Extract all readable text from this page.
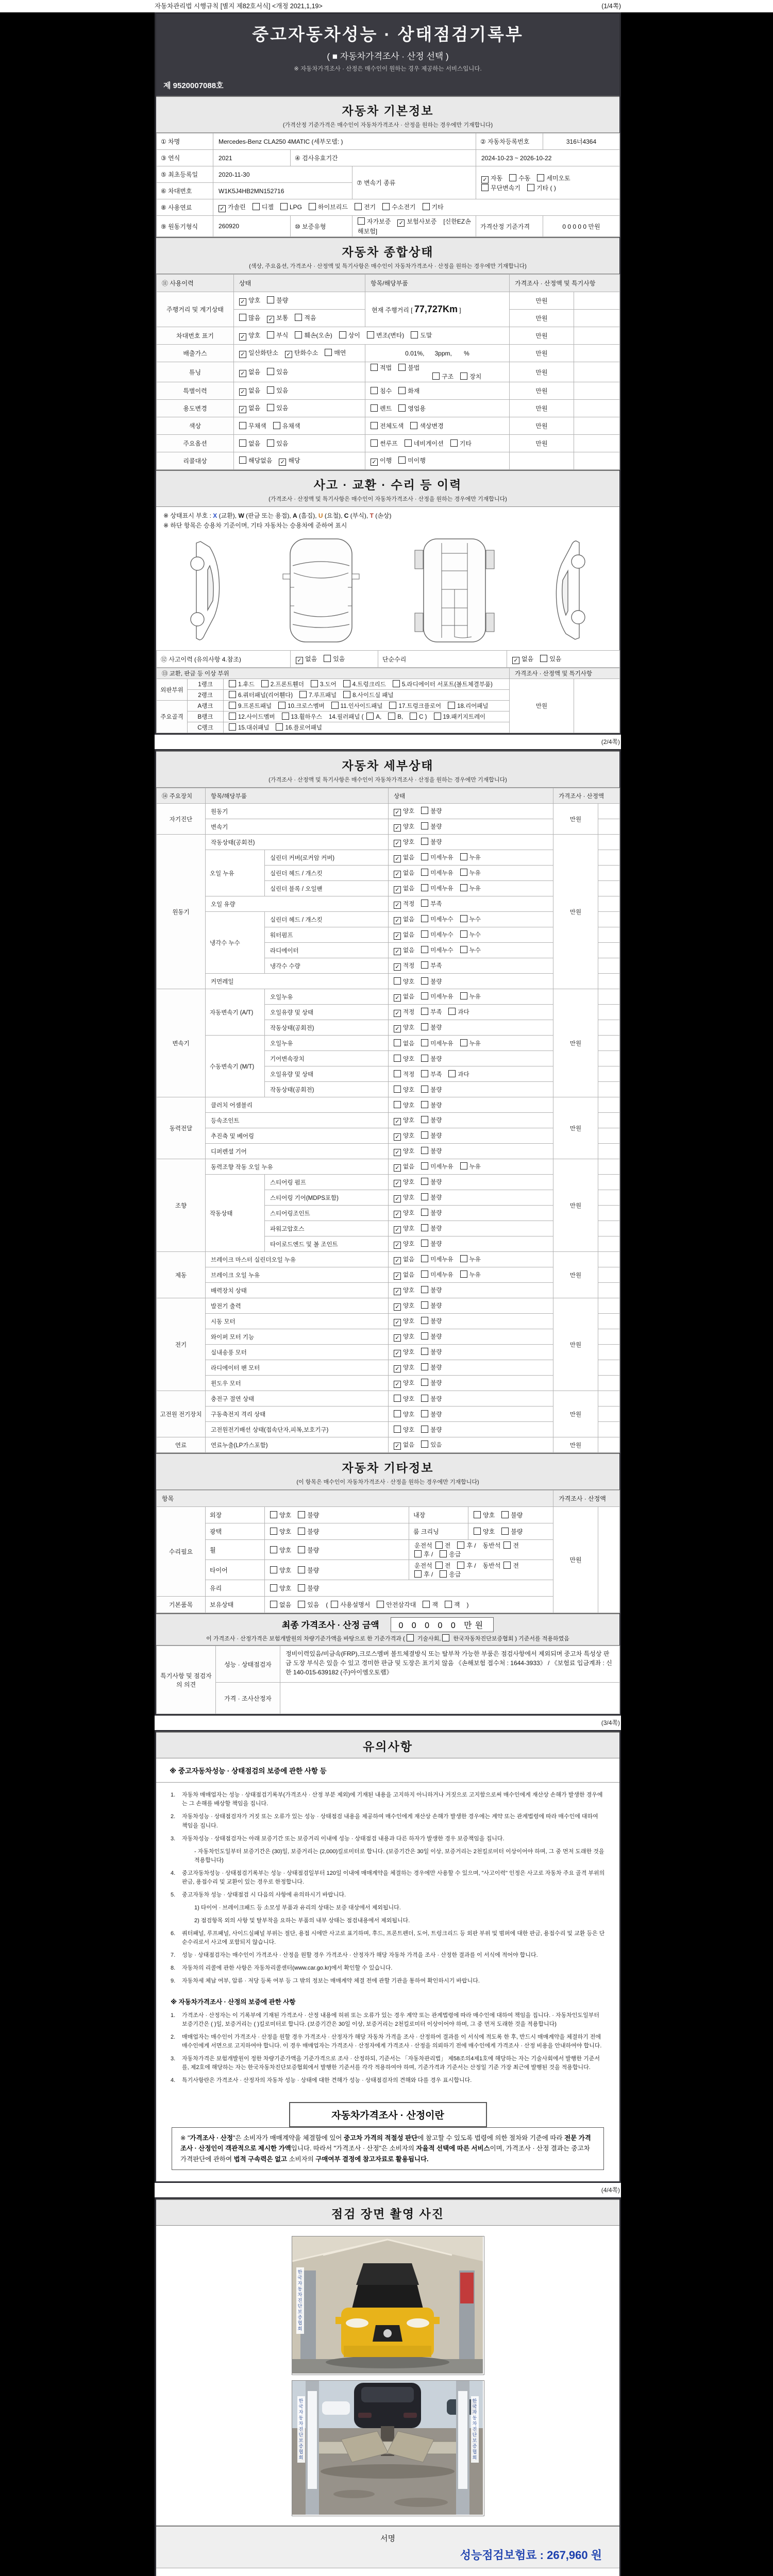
자동차관리법 시행규칙 [별지 제82호서식] <개정 2021,1,19>	(1/4쪽)
중고자동차성능 · 상태점검기록부
( ■ 자동차가격조사 · 산정 선택 )
※ 자동차가격조사 · 산정은 매수인이 원하는 경우 제공하는 서비스입니다.
제 9520007088호
자동차 기본정보
(가격산정 기준가격은 매수인이 자동차가격조사 · 산정을 원하는 경우에만 기재합니다)
① 차명	Mercedes-Benz CLA250 4MATIC (세부모델: )			② 자동차등록번호	316너4364
③ 연식	2021	④ 검사유효기간		2024-10-23 ~ 2026-10-22	
⑤ 최초등록일	2020-11-30		⑦ 변속기 종류	✓ 자동 수동 세미오토무단변속기 기타 ( )	
⑥ 차대번호	W1K5J4HB2MN152716				
⑧ 사용연료	✓ 가솔린 디젤 LPG 하이브리드 전기 수소전기 기타				
⑨ 원동기형식	260920	⑩ 보증유형	자가보증 ✓ 보험사보증 [신한EZ손해보험]	가격산정 기준가격	0 0 0 0 0 만원
자동차 종합상태
(색상, 주요옵션, 가격조사 · 산정액 및 특기사항은 매수인이 자동차가격조사 · 산정을 원하는 경우에만 기재합니다)
⑪ 사용이력	상태	항목/해당부품	가격조사 · 산정액 및 특기사항	
주행거리 및 계기상태	✓ 양호 불량	현재 주행거리 [ 77,727Km ]	만원	
	많음 ✓ 보통 적음		만원	
차대번호 표기	✓ 양호 부식 훼손(오손) 상이 변조(변타) 도말		만원	
배출가스	✓ 일산화탄소 ✓ 탄화수소 매연	0.01%,      3ppm,       %	만원	
튜닝	✓ 없음 있음	적법 불법구조 장치	만원	
특별이력	✓ 없음 있음	침수 화재	만원	
용도변경	✓ 없음 있음	렌트 영업용	만원	
색상	무채색 유채색	전체도색 색상변경	만원	
주요옵션	없음 있음	썬루프 네비게이션 기타	만원	
리콜대상	해당없음 ✓ 해당	✓ 이행 미이행		
사고 · 교환 · 수리 등 이력
(가격조사 · 산정액 및 특기사항은 매수인이 자동차가격조사 · 산정을 원하는 경우에만 기재합니다)
※ 상태표시 부호 : X (교환), W (판금 또는 용접), A (흠집), U (요철), C (부식), T (손상)
※ 하단 항목은 승용차 기준이며, 기타 자동차는 승용차에 준하여 표시
⑫ 사고이력 (유의사항 4.참조)	✓ 없음	있음	단순수리	✓ 없음	있음
⑬ 교환, 판금 등 이상 부위			가격조사 · 산정액 및 특기사항	
외판부위	1랭크	1.후드 2.프론트휀더 3.도어 4.트렁크리드 5.라디에이터 서포트(볼트체결부품)	만원	
	2랭크	6.쿼터패널(리어휀다) 7.루프패널 8.사이드실 패널		
주요골격	A랭크	9.프론트패널 10.크로스멤버 11.인사이드패널 17.트렁크플로어 18.리어패널		
	B랭크	12.사이드멤버 13.휠하우스 14.필러패널 ( A, B, C ) 19.패키지트레이		
	C랭크	15.대쉬패널 16.플로어패널		
(2/4쪽)
자동차 세부상태
(가격조사 · 산정액 및 특기사항은 매수인이 자동차가격조사 · 산정을 원하는 경우에만 기재합니다)
⑭ 주요장치	항목/해당부품		상태	가격조사 · 산정액	
자기진단	원동기		✓ 양호 불량	만원	
	변속기		✓ 양호 불량		
원동기	작동상태(공회전)		✓ 양호 불량	만원	
	오일 누유	실린더 커버(로커암 커버)	✓ 없음 미세누유 누유		
		실린더 헤드 / 개스킷	✓ 없음 미세누유 누유		
		실린더 블록 / 오일팬	✓ 없음 미세누유 누유		
	오일 유량		✓ 적정 부족		
	냉각수 누수	실린더 헤드 / 개스킷	✓ 없음 미세누수 누수		
		워터펌프	✓ 없음 미세누수 누수		
		라디에이터	✓ 없음 미세누수 누수		
		냉각수 수량	✓ 적정 부족		
	커먼레일		양호 불량		
변속기	자동변속기 (A/T)	오일누유	✓ 없음 미세누유 누유	만원	
		오일유량 및 상태	✓ 적정 부족 과다		
		작동상태(공회전)	✓ 양호 불량		
	수동변속기 (M/T)	오일누유	없음 미세누유 누유		
		기어변속장치	양호 불량		
		오일유량 및 상태	적정 부족 과다		
		작동상태(공회전)	양호 불량		
동력전달	클러치 어셈블리		양호 불량	만원	
	등속조인트		✓ 양호 불량		
	추진축 및 베어링		✓ 양호 불량		
	디퍼렌셜 기어		✓ 양호 불량		
조향	동력조향 작동 오일 누유		✓ 없음 미세누유 누유	만원	
	작동상태	스티어링 펌프	✓ 양호 불량		
		스티어링 기어(MDPS포함)	✓ 양호 불량		
		스티어링조인트	✓ 양호 불량		
		파워고압호스	✓ 양호 불량		
		타이로드엔드 및 볼 조인트	✓ 양호 불량		
제동	브레이크 마스터 실린더오일 누유		✓ 없음 미세누유 누유	만원	
	브레이크 오일 누유		✓ 없음 미세누유 누유		
	배력장치 상태		✓ 양호 불량		
전기	발전기 출력		✓ 양호 불량	만원	
	시동 모터		✓ 양호 불량		
	와이퍼 모터 기능		✓ 양호 불량		
	실내송풍 모터		✓ 양호 불량		
	라디에이터 팬 모터		✓ 양호 불량		
	윈도우 모터		✓ 양호 불량		
고전원 전기장치	충전구 절연 상태		양호 불량	만원	
	구동축전지 격리 상태		양호 불량		
	고전원전기배선 상태(접속단자,피복,보호기구)		양호 불량		
연료	연료누출(LP가스포함)		✓ 없음 있음	만원	
자동차 기타정보
(이 항목은 매수인이 자동차가격조사 · 산정을 원하는 경우에만 기재합니다)
항목					가격조사 · 산정액	
수리필요	외장	양호 불량	내장	양호 불량	만원	
	광택	양호 불량	룸 크리닝	양호 불량		
	휠	양호 불량	운전석 전 후 / 동반석 전후 / 응급			
	타이어	양호 불량	운전석 전 후 / 동반석 전후 / 응급			
	유리	양호 불량				
기본품목	보유상태	없음 있음 ( 사용설명서 안전삼각대 잭 잭 )				
최종 가격조사 · 산정 금액 0 0 0 0 0 만원
이 가격조사 · 산정가격은 보험개발원의 차량기준가액을 바탕으로 한 기준가격과 ( 기술사회, 한국자동차진단보증협회 ) 기준서를 적용하였음
특기사항 및 점검자의 의견	성능 · 상태점검자	정비이력있음/비금속(FRP),크로스멤버 볼트체결방식 또는 탈부착 가능한 부품은 점검사항에서 제외되며 중고차 특성상 판금 도장 부식은 있을 수 있고 경미한 판금 및 도장은 표기치 않음 《손해보험 접수처 : 1644-3933》 / 《보험료 입금계좌 : 신한 140-015-639182 (주)아이엠오토랩》
	가격 · 조사산정자	
(3/4쪽)
유의사항
※ 중고자동차성능 · 상태점검의 보증에 관한 사항 등
1.	자동차 매매업자는 성능 · 상태점검기록부(가격조사 · 산정 부분 제외)에 기재된 내용을 고지하지 아니하거나 거짓으로 고지함으로써 매수인에게 재산상 손해가 발생한 경우에는 그 손해를 배상할 책임을 집니다.
2.	자동차성능 · 상태점검자가 거짓 또는 오류가 있는 성능 · 상태점검 내용을 제공하여 매수인에게 재산상 손해가 발생한 경우에는 계약 또는 관계법령에 따라 매수인에 대하여 책임을 집니다.
3.	자동차성능 · 상태점검자는 아래 보증기간 또는 보증거리 이내에 성능 · 상태점검 내용과 다른 하자가 발생한 경우 보증책임을 집니다.
- 자동차인도일부터 보증기간은 (30)일, 보증거리는 (2,000)킬로미터로 합니다. (보증기간은 30일 이상, 보증거리는 2천킬로미터 이상이어야 하며, 그 중 먼저 도래한 것을 적용합니다)
4.	중고자동차성능 · 상태점검기록부는 성능 · 상태점검일부터 120일 이내에 매매계약을 체결하는 경우에만 사용할 수 있으며, "사고이력" 인정은 사고로 자동차 주요 골격 부위의 판금, 용접수리 및 교환이 있는 경우로 한정합니다.
5.	중고자동차 성능 · 상태점검 시 다음의 사항에 유의하시기 바랍니다.
1) 타이어 · 브레이크패드 등 소모성 부품과 유리의 상태는 보증 대상에서 제외됩니다.
2) 점검항목 외의 사항 및 탈부착을 요하는 부품의 내부 상태는 점검내용에서 제외됩니다.
6.	쿼터패널, 루프패널, 사이드실패널 부위는 절단, 용접 시에만 사고로 표기하며, 후드, 프론트펜더, 도어, 트렁크리드 등 외판 부위 및 범퍼에 대한 판금, 용접수리 및 교환 등은 단순수리로서 사고에 포함되지 않습니다.
7.	성능 · 상태점검자는 매수인이 가격조사 · 산정을 원할 경우 가격조사 · 산정자가 해당 자동차 가격을 조사 · 산정한 결과를 이 서식에 적어야 합니다.
8.	자동차의 리콜에 관한 사항은 자동차리콜센터(www.car.go.kr)에서 확인할 수 있습니다.
9.	자동차세 체납 여부, 압류 · 저당 등록 여부 등 그 밖의 정보는 매매계약 체결 전에 관할 기관을 통하여 확인하시기 바랍니다.
※ 자동차가격조사 · 산정의 보증에 관한 사항
1.	가격조사 · 산정자는 이 기록부에 기재된 가격조사 · 산정 내용에 허위 또는 오류가 있는 경우 계약 또는 관계법령에 따라 매수인에 대하여 책임을 집니다. · 자동차인도일부터 보증기간은 ( )일, 보증거리는 ( )킬로미터로 합니다. (보증기간은 30일 이상, 보증거리는 2천킬로미터 이상이어야 하며, 그 중 먼저 도래한 것을 적용합니다)
2.	매매업자는 매수인이 가격조사 · 산정을 원할 경우 가격조사 · 산정자가 해당 자동차 가격을 조사 · 산정하여 결과를 이 서식에 적도록 한 후, 반드시 매매계약을 체결하기 전에 매수인에게 서면으로 고지하여야 합니다. 이 경우 매매업자는 가격조사 · 산정자에게 가격조사 · 산정을 의뢰하기 전에 매수인에게 가격조사 · 산정 비용을 안내하여야 합니다.
3.	자동차가격은 보험개발원이 정한 차량기준가액을 기준가격으로 조사 · 산정하되, 기준서는 「자동차관리법」 제58조의4제1호에 해당하는 자는 기술사회에서 발행한 기준서를, 제2호에 해당하는 자는 한국자동차진단보증협회에서 발행한 기준서를 각각 적용하여야 하며, 기준가격과 기준서는 산정일 기준 가장 최근에 발행된 것을 적용합니다.
4.	특기사항란은 가격조사 · 산정자의 자동차 성능 · 상태에 대한 견해가 성능 · 상태점검자의 견해와 다를 경우 표시합니다.
자동차가격조사 · 산정이란
※ "가격조사 · 산정"은 소비자가 매매계약을 체결함에 있어 중고차 가격의 적절성 판단에 참고할 수 있도록 법령에 의한 절차와 기준에 따라 전문 가격조사 · 산정인이 객관적으로 제시한 가액입니다. 따라서 "가격조사 · 산정"은 소비자의 자율적 선택에 따른 서비스이며, 가격조사 · 산정 결과는 중고차 가격판단에 관하여 법적 구속력은 없고 소비자의 구매여부 결정에 참고자료로 활용됩니다.
(4/4쪽)
점검 장면 촬영 사진
한국자동차진단보증협회
한국자동차진단보증협회	한국자동차진단보증협회
서명
성능점검보험료 : 267,960 원
